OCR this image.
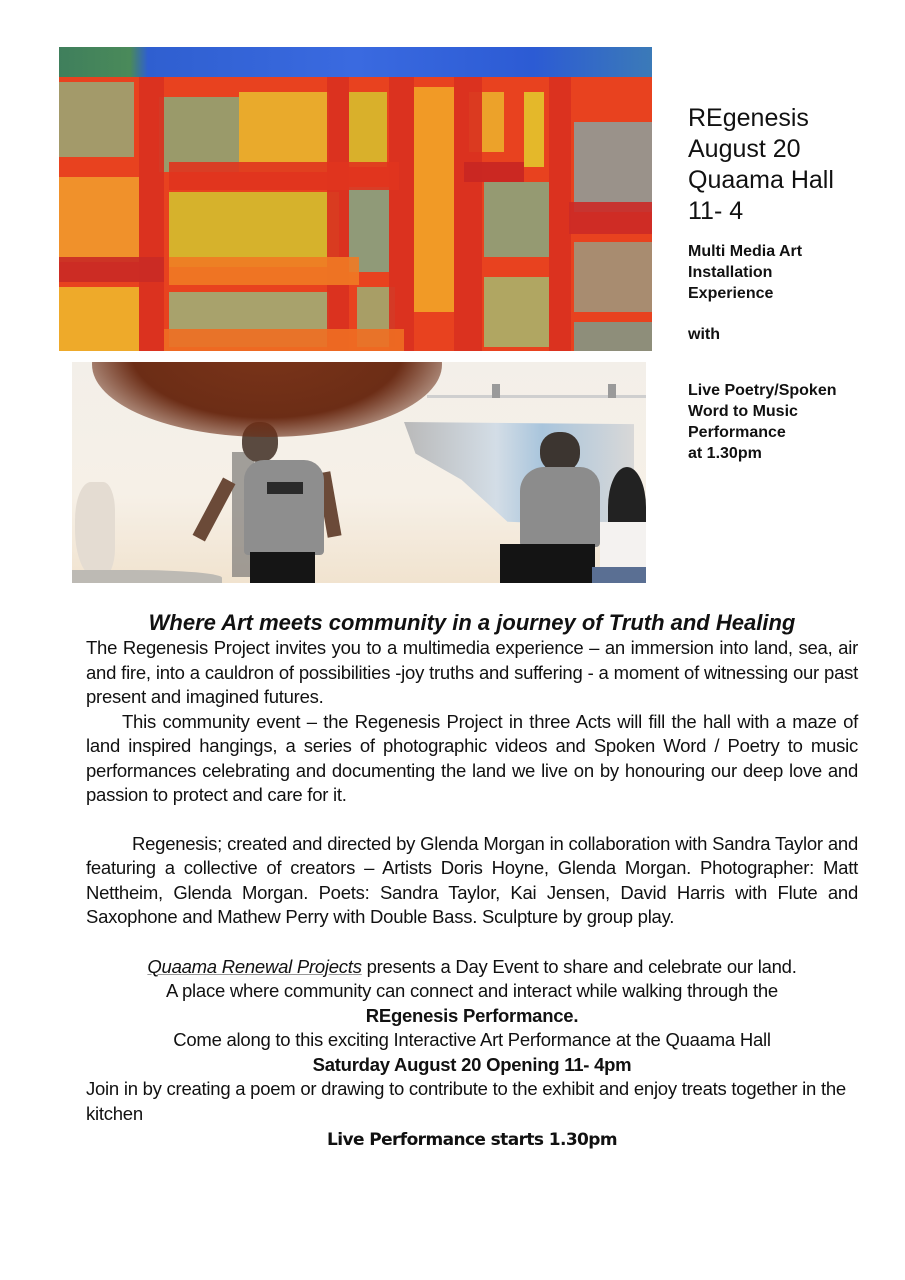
REgenesis
August 20
Quaama Hall
11- 4
Multi Media Art
Installation
Experience
with
Live Poetry/Spoken
Word to Music
Performance
at 1.30pm

Where Art meets community in a journey of Truth and Healing

The Regenesis Project invites you to a multimedia experience – an immersion into land, sea, air and fire, into a cauldron of possibilities -joy truths and suffering - a moment of witnessing our past present and imagined futures.

This community event – the Regenesis Project in three Acts will fill the hall with a maze of land inspired hangings, a series of photographic videos and Spoken Word / Poetry to music performances celebrating and documenting the land we live on by honouring our deep love and passion to protect and care for it.

Regenesis; created and directed by Glenda Morgan in collaboration with Sandra Taylor and featuring a collective of creators – Artists Doris Hoyne, Glenda Morgan. Photographer: Matt Nettheim, Glenda Morgan. Poets: Sandra Taylor, Kai Jensen, David Harris with Flute and Saxophone and Mathew Perry with Double Bass. Sculpture by group play.

Quaama Renewal Projects presents a Day Event to share and celebrate our land.
A place where community can connect and interact while walking through the
REgenesis Performance.
Come along to this exciting Interactive Art Performance at the Quaama Hall
Saturday August 20 Opening 11- 4pm
Join in by creating a poem or drawing to contribute to the exhibit and enjoy treats together in the kitchen
Live Performance starts 1.30pm
